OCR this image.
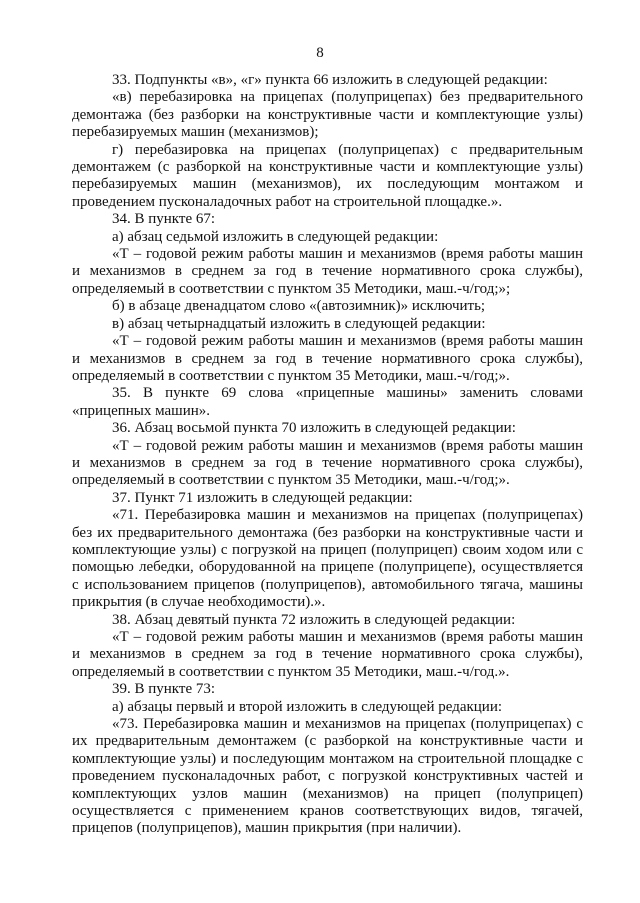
8

33. Подпункты «в», «г» пункта 66 изложить в следующей редакции:

«в) перебазировка на прицепах (полуприцепах) без предварительного демонтажа (без разборки на конструктивные части и комплектующие узлы) перебазируемых машин (механизмов);

г) перебазировка на прицепах (полуприцепах) с предварительным демонтажем (с разборкой на конструктивные части и комплектующие узлы) перебазируемых машин (механизмов), их последующим монтажом и проведением пусконаладочных работ на строительной площадке.».

34. В пункте 67:

а) абзац седьмой изложить в следующей редакции:

«Т – годовой режим работы машин и механизмов (время работы машин и механизмов в среднем за год в течение нормативного срока службы), определяемый в соответствии с пунктом 35 Методики, маш.-ч/год;»;

б) в абзаце двенадцатом слово «(автозимник)» исключить;

в) абзац четырнадцатый изложить в следующей редакции:

«Т – годовой режим работы машин и механизмов (время работы машин и механизмов в среднем за год в течение нормативного срока службы), определяемый в соответствии с пунктом 35 Методики, маш.-ч/год;».

35. В пункте 69 слова «прицепные машины» заменить словами «прицепных машин».

36. Абзац восьмой пункта 70 изложить в следующей редакции:

«Т – годовой режим работы машин и механизмов (время работы машин и механизмов в среднем за год в течение нормативного срока службы), определяемый в соответствии с пунктом 35 Методики, маш.-ч/год;».

37. Пункт 71 изложить в следующей редакции:

«71. Перебазировка машин и механизмов на прицепах (полуприцепах) без их предварительного демонтажа (без разборки на конструктивные части и комплектующие узлы) с погрузкой на прицеп (полуприцеп) своим ходом или с помощью лебедки, оборудованной на прицепе (полуприцепе), осуществляется с использованием прицепов (полуприцепов), автомобильного тягача, машины прикрытия (в случае необходимости).».

38. Абзац девятый пункта 72 изложить в следующей редакции:

«Т – годовой режим работы машин и механизмов (время работы машин и механизмов в среднем за год в течение нормативного срока службы), определяемый в соответствии с пунктом 35 Методики, маш.-ч/год.».

39. В пункте 73:

а) абзацы первый и второй изложить в следующей редакции:

«73. Перебазировка машин и механизмов на прицепах (полуприцепах) с их предварительным демонтажем (с разборкой на конструктивные части и комплектующие узлы) и последующим монтажом на строительной площадке с проведением пусконаладочных работ, с погрузкой конструктивных частей и комплектующих узлов машин (механизмов) на прицеп (полуприцеп) осуществляется с применением кранов соответствующих видов, тягачей, прицепов (полуприцепов), машин прикрытия (при наличии).
